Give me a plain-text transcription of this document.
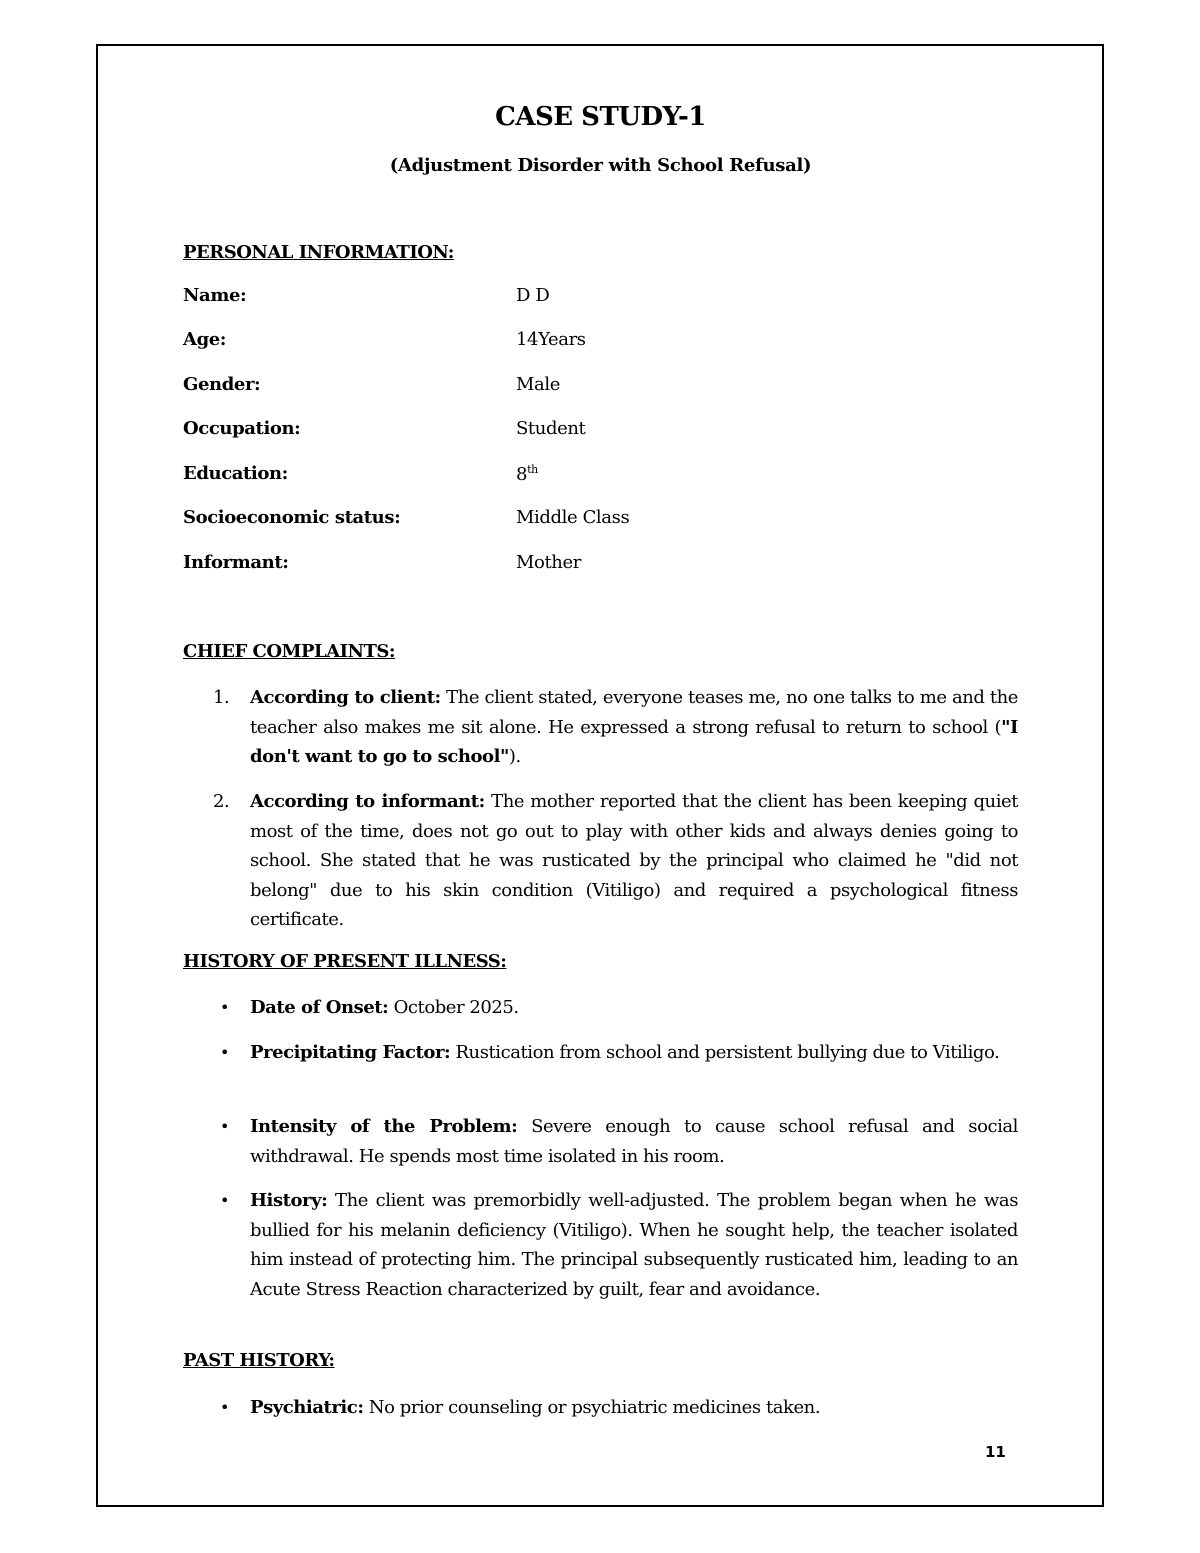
CASE STUDY-1
(Adjustment Disorder with School Refusal)
PERSONAL INFORMATION:
Name:	D D
Age:	14Years
Gender:	Male
Occupation:	Student
Education:	8th
Socioeconomic status:	Middle Class
Informant:	Mother
CHIEF COMPLAINTS:
1. According to client: The client stated, everyone teases me, no one talks to me and the teacher also makes me sit alone. He expressed a strong refusal to return to school ("I don't want to go to school").
2. According to informant: The mother reported that the client has been keeping quiet most of the time, does not go out to play with other kids and always denies going to school. She stated that he was rusticated by the principal who claimed he "did not belong" due to his skin condition (Vitiligo) and required a psychological fitness certificate.
HISTORY OF PRESENT ILLNESS:
• Date of Onset: October 2025.
• Precipitating Factor: Rustication from school and persistent bullying due to Vitiligo.
• Intensity of the Problem: Severe enough to cause school refusal and social withdrawal. He spends most time isolated in his room.
• History: The client was premorbidly well-adjusted. The problem began when he was bullied for his melanin deficiency (Vitiligo). When he sought help, the teacher isolated him instead of protecting him. The principal subsequently rusticated him, leading to an Acute Stress Reaction characterized by guilt, fear and avoidance.
PAST HISTORY:
• Psychiatric: No prior counseling or psychiatric medicines taken.
11
